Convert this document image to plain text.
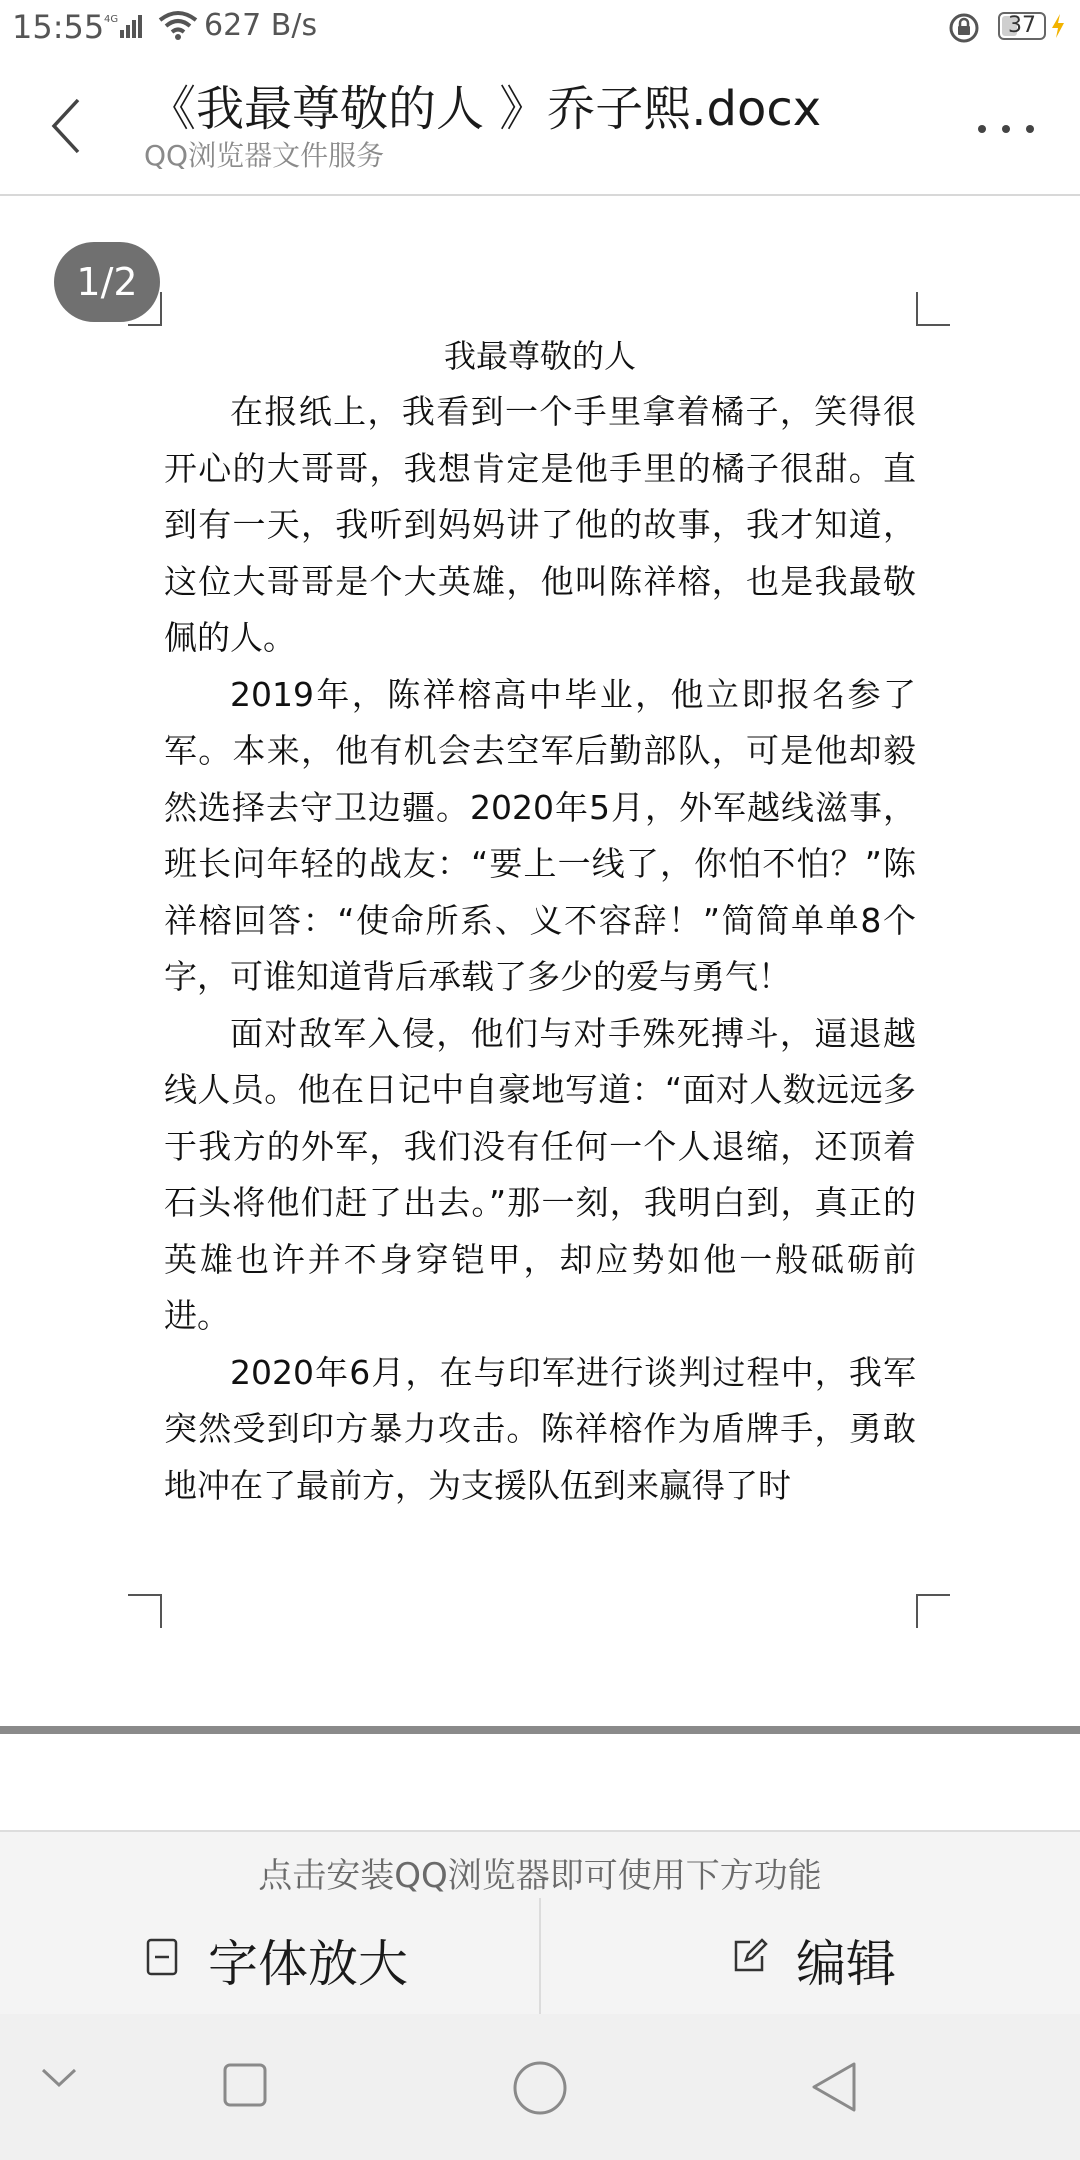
15:55 4G	627 B/s	37
《我最尊敬的人 》乔子熙.docx
QQ浏览器文件服务
1/2
我最尊敬的人

在报纸上，我看到一个手里拿着橘子，笑得很开心的大哥哥，我想肯定是他手里的橘子很甜。直到有一天，我听到妈妈讲了他的故事，我才知道，这位大哥哥是个大英雄，他叫陈祥榕，也是我最敬佩的人。

2019年，陈祥榕高中毕业，他立即报名参了军。本来，他有机会去空军后勤部队，可是他却毅然选择去守卫边疆。2020年5月，外军越线滋事，班长问年轻的战友：“要上一线了，你怕不怕？”陈祥榕回答：“使命所系、义不容辞！”简简单单8个字，可谁知道背后承载了多少的爱与勇气！

面对敌军入侵，他们与对手殊死搏斗，逼退越线人员。他在日记中自豪地写道：“面对人数远远多于我方的外军，我们没有任何一个人退缩，还顶着石头将他们赶了出去。”那一刻，我明白到，真正的英雄也许并不身穿铠甲，却应势如他一般砥砺前进。

2020年6月，在与印军进行谈判过程中，我军突然受到印方暴力攻击。陈祥榕作为盾牌手，勇敢地冲在了最前方，为支援队伍到来赢得了时

点击安装QQ浏览器即可使用下方功能
字体放大	编辑
